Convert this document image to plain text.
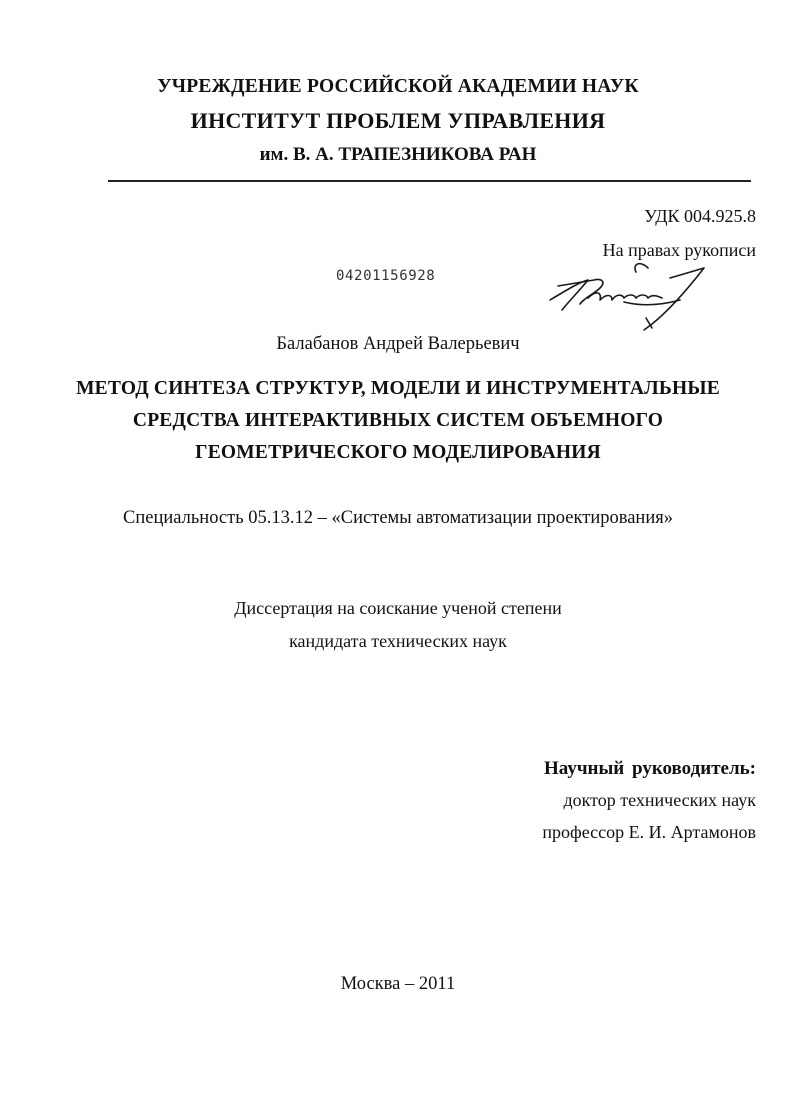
УЧРЕЖДЕНИЕ РОССИЙСКОЙ АКАДЕМИИ НАУК
ИНСТИТУТ ПРОБЛЕМ УПРАВЛЕНИЯ
им. В. А. ТРАПЕЗНИКОВА РАН
УДК 004.925.8
На правах рукописи
04201156928
Балабанов Андрей Валерьевич
МЕТОД СИНТЕЗА СТРУКТУР, МОДЕЛИ И ИНСТРУМЕНТАЛЬНЫЕ
СРЕДСТВА ИНТЕРАКТИВНЫХ СИСТЕМ ОБЪЕМНОГО
ГЕОМЕТРИЧЕСКОГО МОДЕЛИРОВАНИЯ
Специальность 05.13.12 – «Системы автоматизации проектирования»
Диссертация на соискание ученой степени
кандидата технических наук
Научный руководитель:
доктор технических наук
профессор Е. И. Артамонов
Москва – 2011
